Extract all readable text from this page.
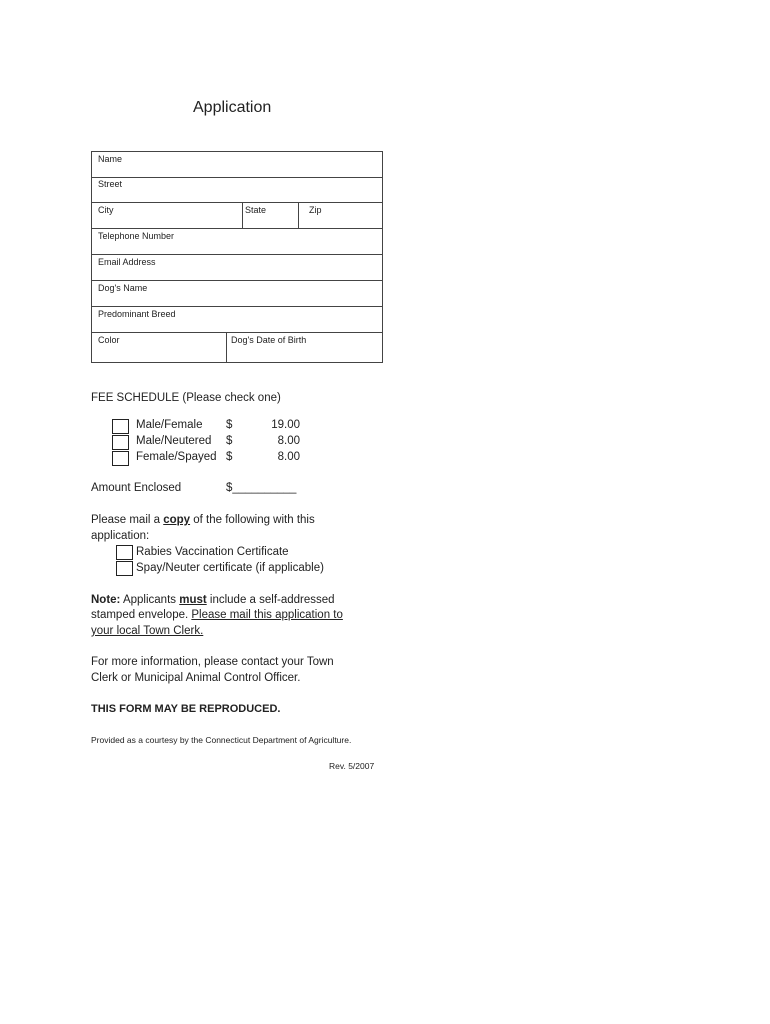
Application
Name
Street
City	State	Zip
Telephone Number
Email Address
Dog's Name
Predominant Breed
Color	Dog's Date of Birth
FEE SCHEDULE (Please check one)
Male/Female $	19.00
Male/Neutered $	8.00
Female/Spayed $	8.00
Amount Enclosed	$__________
Please mail a copy of the following with this
application:
Rabies Vaccination Certificate
Spay/Neuter certificate (if applicable)
Note: Applicants must include a self-addressed
stamped envelope. Please mail this application to
your local Town Clerk.
For more information, please contact your Town
Clerk or Municipal Animal Control Officer.
THIS FORM MAY BE REPRODUCED.
Provided as a courtesy by the Connecticut Department of Agriculture.
Rev. 5/2007
